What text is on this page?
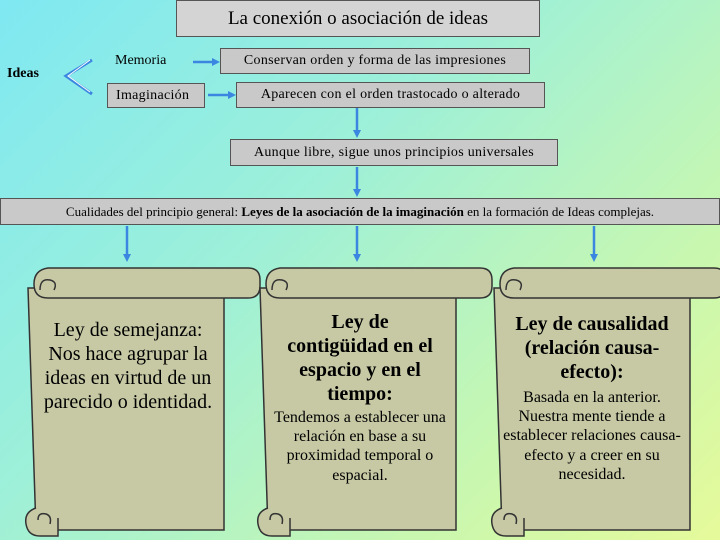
La conexión o asociación de ideas
Ideas
Memoria
Imaginación
Conservan orden y forma de las impresiones
Aparecen con el orden trastocado o alterado
Aunque libre, sigue unos principios universales
Cualidades del principio general: Leyes de la asociación de la imaginación en la formación de Ideas complejas.
Ley de semejanza:
Nos hace agrupar la ideas en virtud de un parecido o identidad.
Ley de contigüidad en el espacio y en el tiempo:
Tendemos a establecer una relación en base a su proximidad temporal o espacial.
Ley de causalidad (relación causa-efecto):
Basada en la anterior. Nuestra mente tiende a establecer relaciones causa-efecto y a creer en su necesidad.
